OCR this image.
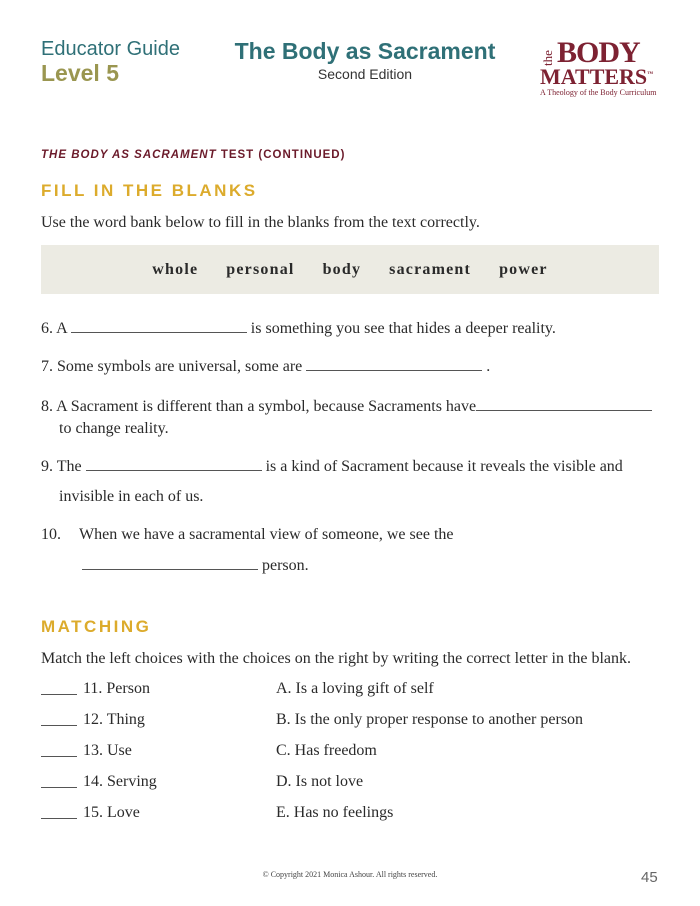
Educator Guide
Level 5
The Body as Sacrament
Second Edition
the BODY
MATTERS™
A Theology of the Body Curriculum
THE BODY AS SACRAMENT TEST (CONTINUED)
FILL IN THE BLANKS
Use the word bank below to fill in the blanks from the text correctly.
whole personal body sacrament power
6. A	is something you see that hides a deeper reality.
7. Some symbols are universal, some are	.
8. A Sacrament is different than a symbol, because Sacraments have
to change reality.
9. The	is a kind of Sacrament because it reveals the visible and
invisible in each of us.
10. When we have a sacramental view of someone, we see the
person.
MATCHING
Match the left choices with the choices on the right by writing the correct letter in the blank.
11. Person	A. Is a loving gift of self
12. Thing	B. Is the only proper response to another person
13. Use	C. Has freedom
14. Serving	D. Is not love
15. Love	E. Has no feelings
© Copyright 2021 Monica Ashour. All rights reserved.	45
